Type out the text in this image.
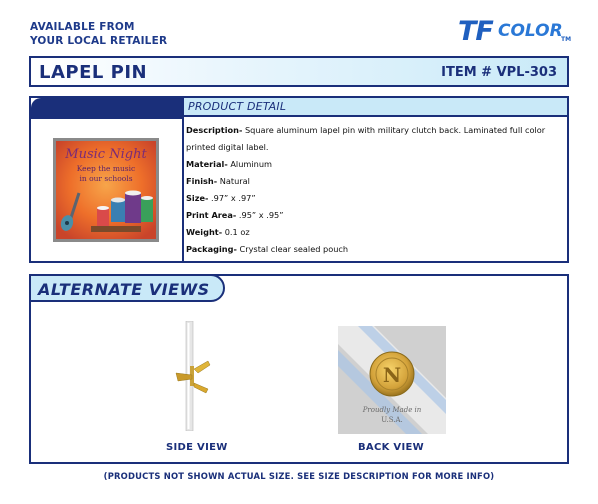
AVAILABLE FROM
YOUR LOCAL RETAILER	TF COLOR
TM
LAPEL PIN	ITEM # VPL-303
PRODUCT DETAIL
Music Night
Keep the music
in our schools
Description- Square aluminum lapel pin with military clutch back. Laminated full color printed digital label.
Material- Aluminum
Finish- Natural
Size- .97” x .97”
Print Area- .95” x .95”
Weight- 0.1 oz
Packaging- Crystal clear sealed pouch
ALTERNATE VIEWS
N
Proudly Made in
U.S.A.
SIDE VIEW	BACK VIEW
(PRODUCTS NOT SHOWN ACTUAL SIZE. SEE SIZE DESCRIPTION FOR MORE INFO)
